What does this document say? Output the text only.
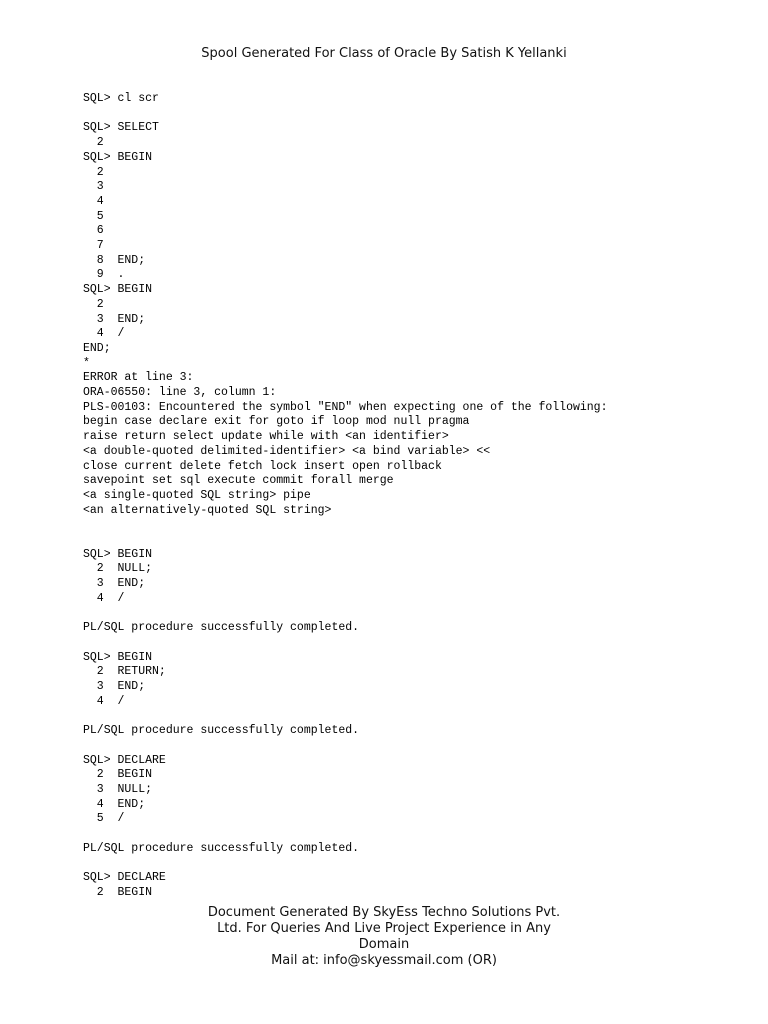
Spool Generated For Class of Oracle By Satish K Yellanki
SQL> cl scr
SQL> SELECT
2
SQL> BEGIN
2
3
4
5
6
7
8  END;
9  .
SQL> BEGIN
2
3  END;
4  /
END;
*
ERROR at line 3:
ORA-06550: line 3, column 1:
PLS-00103: Encountered the symbol "END" when expecting one of the following:
begin case declare exit for goto if loop mod null pragma
raise return select update while with <an identifier>
<a double-quoted delimited-identifier> <a bind variable> <<
close current delete fetch lock insert open rollback
savepoint set sql execute commit forall merge
<a single-quoted SQL string> pipe
<an alternatively-quoted SQL string>
SQL> BEGIN
2  NULL;
3  END;
4  /
PL/SQL procedure successfully completed.
SQL> BEGIN
2  RETURN;
3  END;
4  /
PL/SQL procedure successfully completed.
SQL> DECLARE
2  BEGIN
3  NULL;
4  END;
5  /
PL/SQL procedure successfully completed.
SQL> DECLARE
2  BEGIN
Document Generated By SkyEss Techno Solutions Pvt.
Ltd. For Queries And Live Project Experience in Any
Domain
Mail at: info@skyessmail.com (OR)
